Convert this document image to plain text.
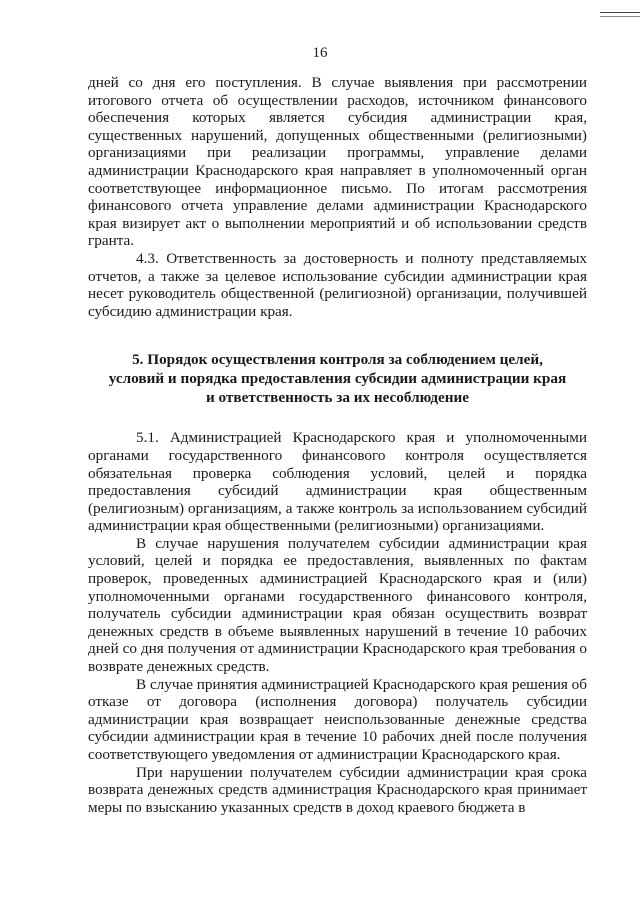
16

дней со дня его поступления. В случае выявления при рассмотрении итогового отчета об осуществлении расходов, источником финансового обеспечения которых является субсидия администрации края, существенных нарушений, допущенных общественными (религиозными) организациями при реализации программы, управление делами администрации Краснодарского края направляет в уполномоченный орган соответствующее информационное письмо. По итогам рассмотрения финансового отчета управление делами администрации Краснодарского края визирует акт о выполнении мероприятий и об использовании средств гранта.

4.3. Ответственность за достоверность и полноту представляемых отчетов, а также за целевое использование субсидии администрации края несет руководитель общественной (религиозной) организации, получившей субсидию администрации края.

5. Порядок осуществления контроля за соблюдением целей,

условий и порядка предоставления субсидии администрации края

и ответственность за их несоблюдение

5.1. Администрацией Краснодарского края и уполномоченными органами государственного финансового контроля осуществляется обязательная проверка соблюдения условий, целей и порядка предоставления субсидий администрации края общественным (религиозным) организациям, а также контроль за использованием субсидий администрации края общественными (религиозными) организациями.

В случае нарушения получателем субсидии администрации края условий, целей и порядка ее предоставления, выявленных по фактам проверок, проведенных администрацией Краснодарского края и (или) уполномоченными органами государственного финансового контроля, получатель субсидии администрации края обязан осуществить возврат денежных средств в объеме выявленных нарушений в течение 10 рабочих дней со дня получения от администрации Краснодарского края требования о возврате денежных средств.

В случае принятия администрацией Краснодарского края решения об отказе от договора (исполнения договора) получатель субсидии администрации края возвращает неиспользованные денежные средства субсидии администрации края в течение 10 рабочих дней после получения соответствующего уведомления от администрации Краснодарского края.

При нарушении получателем субсидии администрации края срока возврата денежных средств администрация Краснодарского края принимает меры по взысканию указанных средств в доход краевого бюджета в
